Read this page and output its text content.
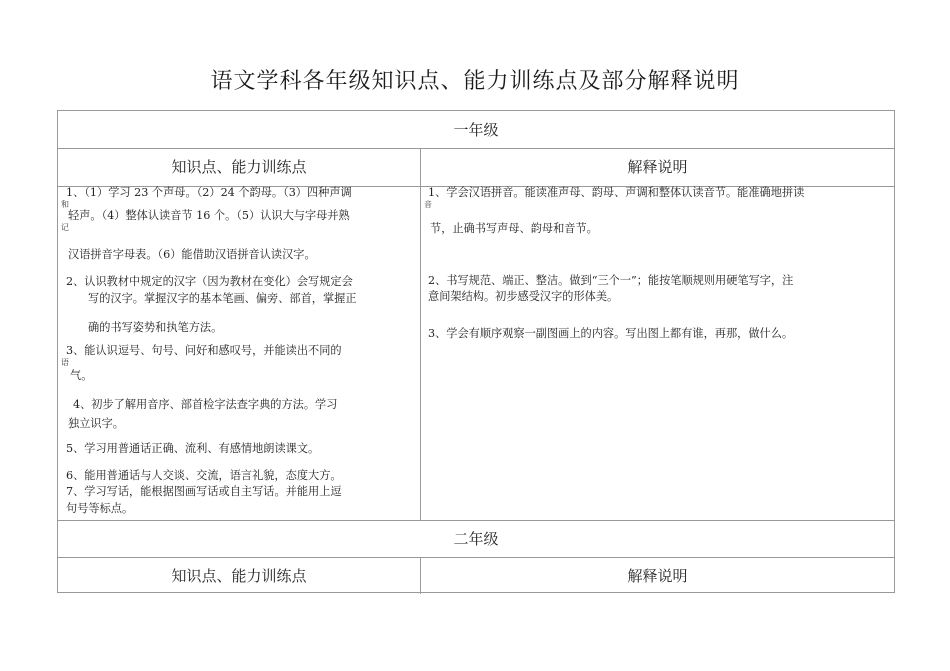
语文学科各年级知识点、能力训练点及部分解释说明
一年级
知识点、能力训练点	解释说明
1、（1）学习 23 个声母。（2）24 个韵母。（3）四种声调
和
轻声。（4）整体认读音节 16 个。（5）认识大与字母并熟
记
汉语拼音字母表。（6）能借助汉语拼音认读汉字。
2、认识教材中规定的汉字（因为教材在变化）会写规定会
写的汉字。掌握汉字的基本笔画、偏旁、部首，掌握正
确的书写姿势和执笔方法。
3、能认识逗号、句号、问好和感叹号，并能读出不同的
语
气。
4、初步了解用音序、部首检字法查字典的方法。学习
独立识字。
5、学习用普通话正确、流利、有感情地朗读课文。
6、能用普通话与人交谈、交流，语言礼貌，态度大方。
7、学习写话，能根据图画写话或自主写话。并能用上逗
句号等标点。
1、学会汉语拼音。能读准声母、韵母、声调和整体认读音节。能准确地拼读
音
节，止确书写声母、韵母和音节。
2、书写规范、端正、整洁。做到“三个一”；能按笔顺规则用硬笔写字，注
意间架结构。初步感受汉字的形体美。
3、学会有顺序观察一副图画上的内容。写出图上都有谁，再那，做什么。
二年级
知识点、能力训练点	解释说明
